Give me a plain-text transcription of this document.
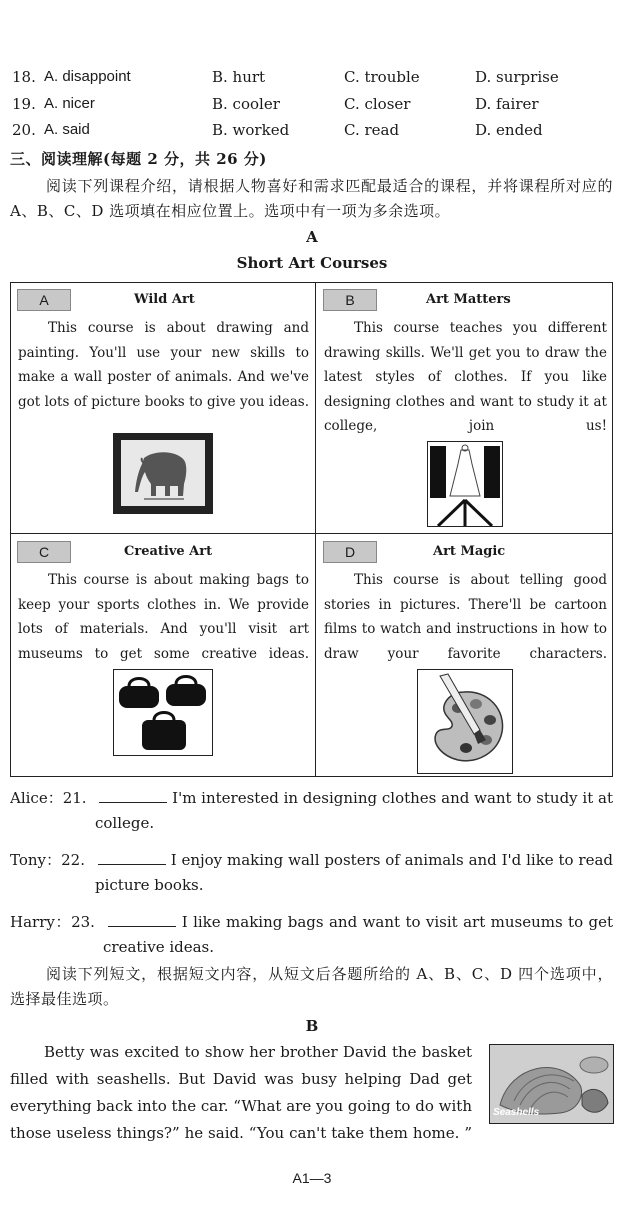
18. A. disappoint	B. hurt	C. trouble	D. surprise
19. A. nicer	B. cooler	C. closer	D. fairer
20. A. said	B. worked	C. read	D. ended
三、阅读理解(每题 2 分，共 26 分)
阅读下列课程介绍，请根据人物喜好和需求匹配最适合的课程，并将课程所对应的 A、B、C、D 选项填在相应位置上。选项中有一项为多余选项。
A
Short Art Courses
A	Wild Art
This course is about drawing and painting. You'll use your new skills to make a wall poster of animals. And we've got lots of picture books to give you ideas.
B	Art Matters
This course teaches you different drawing skills. We'll get you to draw the latest styles of clothes. If you like designing clothes and want to study it at college, join us!
C	Creative Art
This course is about making bags to keep your sports clothes in. We provide lots of materials. And you'll visit art museums to get some creative ideas.
D	Art Magic
This course is about telling good stories in pictures. There'll be cartoon films to watch and instructions in how to draw your favorite characters.
Alice：21.	I'm interested in designing clothes and want to study it at
college.
Tony：22.	I enjoy making wall posters of animals and I'd like to read
picture books.
Harry：23.	I like making bags and want to visit art museums to get
creative ideas.
阅读下列短文，根据短文内容，从短文后各题所给的 A、B、C、D 四个选项中，选择最佳选项。
B
Betty was excited to show her brother David the basket
filled with seashells. But David was busy helping Dad get
everything back into the car. “What are you going to do with
those useless things?” he said. “You can't take them home. ”
Seashells
A1—3
